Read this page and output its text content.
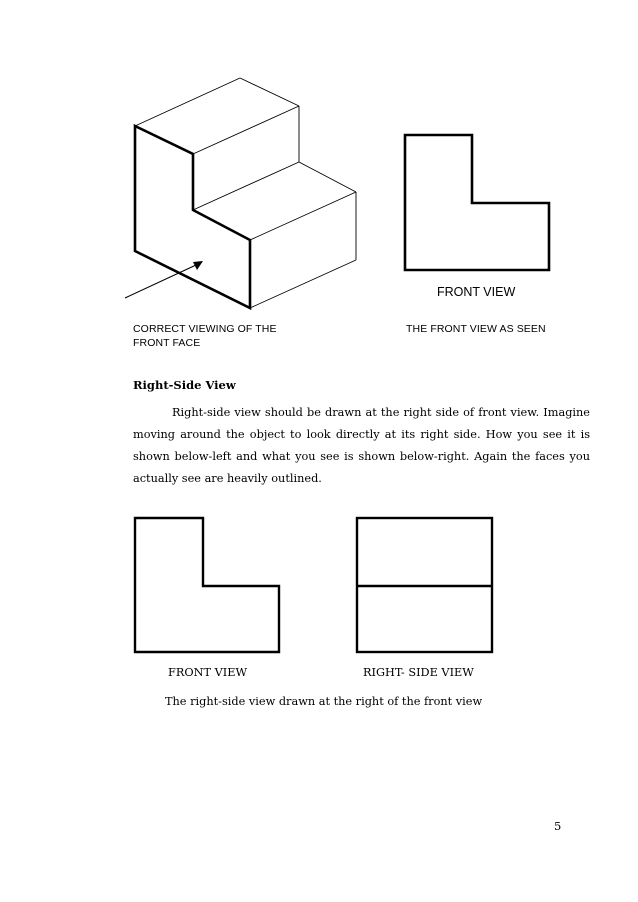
FRONT VIEW
CORRECT VIEWING OF THE
FRONT FACE
THE FRONT VIEW AS SEEN
Right-Side View
Right-side view should be drawn at the right side of front view. Imagine moving around the object to look directly at its right side. How you see it is shown below-left and what you see is shown below-right. Again the faces you actually see are heavily outlined.
FRONT VIEW	RIGHT- SIDE VIEW
The right-side view drawn at the right of the front view
5
